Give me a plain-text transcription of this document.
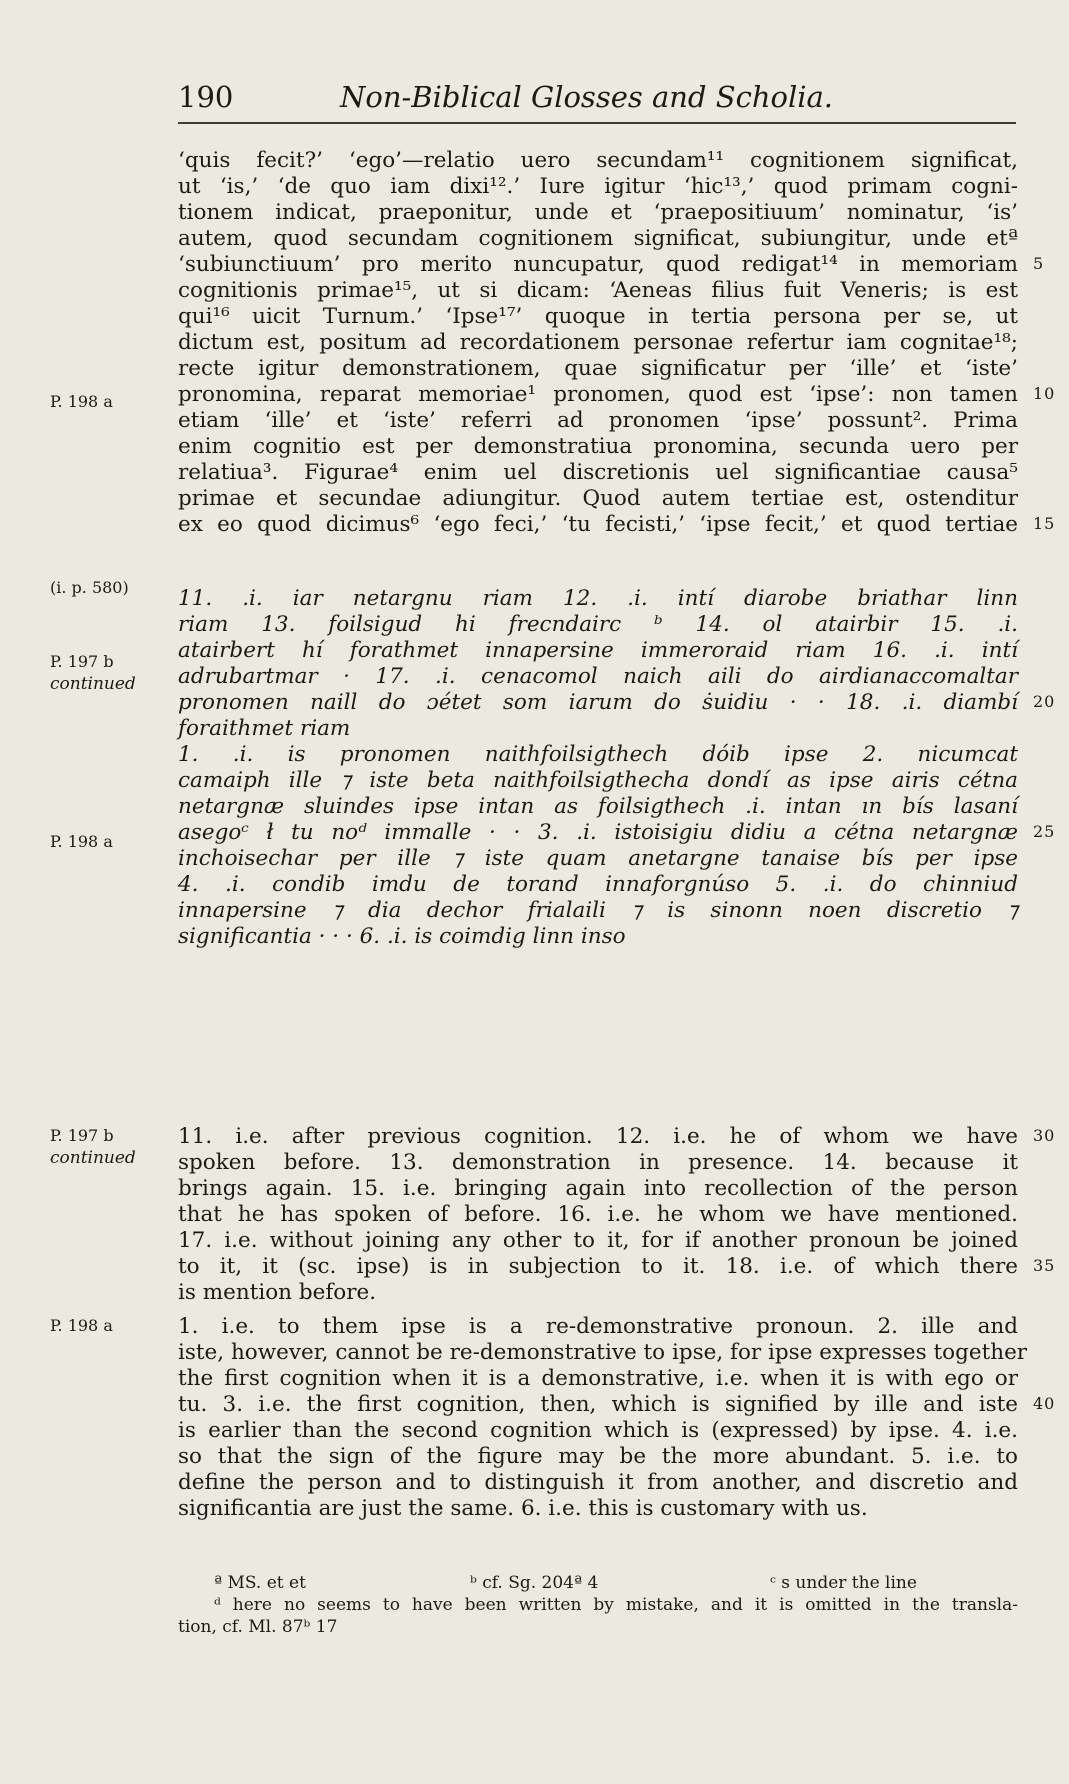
190	Non-Biblical Glosses and Scholia.
‘quis fecit?’ ‘ego’—relatio uero secundam¹¹ cognitionem significat,
ut ‘is,’ ‘de quo iam dixi¹².’ Iure igitur ‘hic¹³,’ quod primam cogni-
tionem indicat, praeponitur, unde et ‘praepositiuum’ nominatur, ‘is’
autem, quod secundam cognitionem significat, subiungitur, unde etª
‘subiunctiuum’ pro merito nuncupatur, quod redigat¹⁴ in memoriam
cognitionis primae¹⁵, ut si dicam: ‘Aeneas filius fuit Veneris; is est
qui¹⁶ uicit Turnum.’ ‘Ipse¹⁷’ quoque in tertia persona per se, ut
dictum est, positum ad recordationem personae refertur iam cognitae¹⁸;
recte igitur demonstrationem, quae significatur per ‘ille’ et ‘iste’
pronomina, reparat memoriae¹ pronomen, quod est ‘ipse’: non tamen
etiam ‘ille’ et ‘iste’ referri ad pronomen ‘ipse’ possunt². Prima
enim cognitio est per demonstratiua pronomina, secunda uero per
relatiua³. Figurae⁴ enim uel discretionis uel significantiae causa⁵
primae et secundae adiungitur. Quod autem tertiae est, ostenditur
ex eo quod dicimus⁶ ‘ego feci,’ ‘tu fecisti,’ ‘ipse fecit,’ et quod tertiae
5
10
15
11. .i. iar netargnu riam 12. .i. intí diarobe briathar linn
riam 13. foilsigud hi frecndairc ᵇ 14. ol atairbir 15. .i.
atairbert hí forathmet innapersine immeroraid riam 16. .i. intí
adrubartmar · 17. .i. cenacomol naich aili do airdianaccomaltar
pronomen naill do ɔétet som iarum do ṡuidiu · · 18. .i. diambí
foraithmet riam
1. .i. is pronomen naithfoilsigthech dóib ipse 2. nicumcat
camaiph ille ⁊ iste beta naithfoilsigthecha dondí as ipse airis cétna
netargnæ sluindes ipse intan as foilsigthech .i. intan ın bís lasaní
asegoᶜ ł tu noᵈ immalle · · 3. .i. istoisigiu didiu a cétna netargnæ
inchoisechar per ille ⁊ iste quam anetargne tanaise bís per ipse
4. .i. condib imdu de torand innaforgnúso 5. .i. do chinniud
innapersine ⁊ dia dechor frialaili ⁊ is sinonn noen discretio ⁊
significantia · · · 6. .i. is coimdig linn inso
20
25
11. i.e. after previous cognition. 12. i.e. he of whom we have
spoken before. 13. demonstration in presence. 14. because it
brings again. 15. i.e. bringing again into recollection of the person
that he has spoken of before. 16. i.e. he whom we have mentioned.
17. i.e. without joining any other to it, for if another pronoun be joined
to it, it (sc. ipse) is in subjection to it. 18. i.e. of which there
is mention before.
1. i.e. to them ipse is a re-demonstrative pronoun. 2. ille and
iste, however, cannot be re-demonstrative to ipse, for ipse expresses together
the first cognition when it is a demonstrative, i.e. when it is with ego or
tu. 3. i.e. the first cognition, then, which is signified by ille and iste
is earlier than the second cognition which is (expressed) by ipse. 4. i.e.
so that the sign of the figure may be the more abundant. 5. i.e. to
define the person and to distinguish it from another, and discretio and
significantia are just the same. 6. i.e. this is customary with us.
30
35
40
P. 198 a
(i. p. 580)
P. 197 b
continued
P. 198 a
P. 197 b
continued
P. 198 a
ª MS. et et	ᵇ cf. Sg. 204ª 4	ᶜ s under the line
ᵈ here no seems to have been written by mistake, and it is omitted in the transla-
tion, cf. Ml. 87ᵇ 17
